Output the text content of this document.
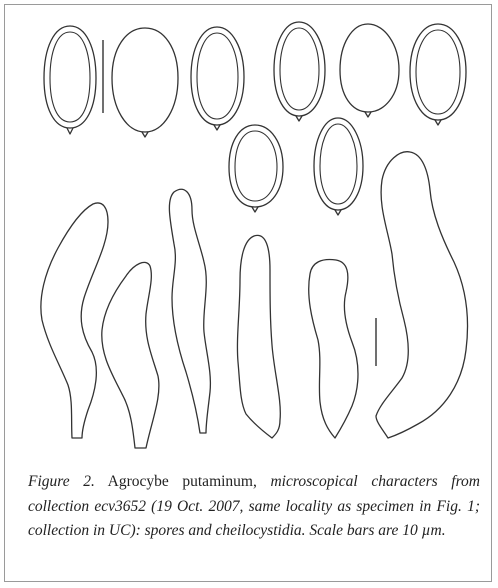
Figure 2. Agrocybe putaminum, microscopical characters from collection ecv3652 (19 Oct. 2007, same locality as specimen in Fig. 1; collection in UC): spores and cheilocystidia. Scale bars are 10 µm.
